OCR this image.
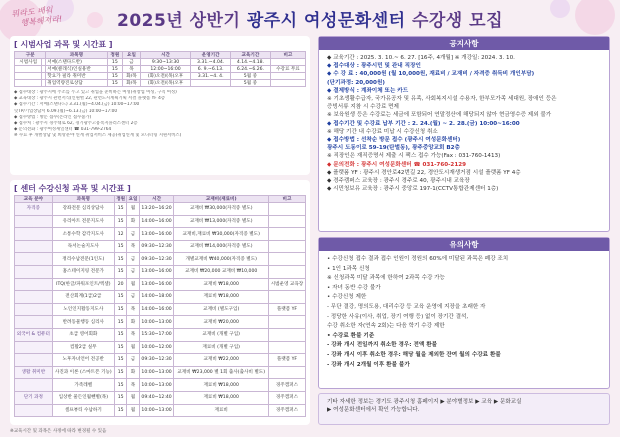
뭐라도 배워
행복해져라!	2025년 상반기 광주시 여성문화센터 수강생 모집
[ 시범사업 과목 및 시간표 ]
구분		과목명	정원	요일	시간	운영기간	교육기간	비고
시범사업		서예(스탠다드반)	15	금	9:30~13:30	3.31.~4.04.	4.14.~4.18.	
		서예(클래식)인실용반	15	목	12:00~16:00	6. 9.~6.13.	6.24.~6.26.	수강료 무료
		핫요가 필라 취미반	15	화/목	(화)오전/(목)오후	3.31.~4. 4.	5월 중	
		취업역량진로상담	15	화/목	(화)오전/(목)오후		5월 중	
◆ 접수대상 : 광주시에 주소를 두고 있고 취업을 준비하는 여성(취창업 여성, 구직 여성)
◆ 교육대상 : 광주시 관련서식(인원별 22, 관련도시계획기획 서결 플랫폼 YF 4층
◆ 접수기간 : 서예(스탠다드) 3.31.(월)~4.04.(금) 10:00~17:00
핫TP/기업상담서 6.09.(월)~6.13.(금) 10:00~17:00
◆ 접수방법 : 방문 접수(온라인 접수불가)
◆ 접수처 : 광주시 경주대로 62, 경기광주고용복지플러스센터 2층
◆ 문의전화 : 광주여성새일센터 ☎ 031-799-2764
※ 수료 후 개별상담 및 희망분야 연계 취업서비스 제공(취업연계 및 모니터링 지원서비스)
[ 센터 수강신청 과목 및 시간표 ]
교육 분야	과목명	정원	요일	시간	교재비(재료비)	비고
자격증	강좌전문 심리상담사	15	월	13:20~16:20	교재비 ₩30,000(자격증 별도)	
	유리아트 전문지도사	15	화	14:00~16:00	교재비 ₩13,000(자격증 별도)	
	소통수학 감각지도사	12	금	13:00~16:00	교재비,재료비 ₩30,000(자격증 별도)	
	독서논술지도사	15	목	09:30~12:30	교재비 ₩14,000(자격증 별도)	
	정리수납전문(1인도)	15	금	09:30~12:30	개별교재비 ₩40,000(자격증 별도)	
	홈스테이지링 전문가	15	금	13:00~16:00	교재비 ₩20,000 교재비 ₩10,000	
	ITQ(한글/파워포인트/엑셀)	20	월	13:00~16:00	교재비 ₩18,000	시범운영 교육장
	전산회계(1급)2급	15	금	14:00~18:00	재료비 ₩18,000	
	노인인지활동지도사	15	목	14:00~16:00	교재비 (별도구입)	플랫폼 YF
	반려동물행동 심리사	15	화	10:00~13:00	교재비 ₩20,000	
외국어 & 컴퓨터	초급 영어회화	15	목	15:30~17:00	교재비 (개별 구입)	
	컴활2급 실무	15	월	10:00~12:00	재료비 (개별 구입)	
	노후자녀언어 전공반	15	금	09:30~12:30	교재비 ₩22,000	플랫폼 YF
생활 취미반	사진과 이론 (스마트폰 기능)	15	화	10:00~13:00	교재비 ₩23,000 별 1회 출사(출사비 별도)	
	가족레벨	15	목	10:00~13:00	재료비 ₩18,000	경주캠퍼스
단기 과정	입상반 물든인월뺀별(목)	15	월	09:40~12:40	재료비 ₩18,000	경주캠퍼스
	셀프뷰티 수납하기	15	월	10:00~13:00	재료비	경주캠퍼스
공지사항
◆ 교육기간 : 2025. 3. 10.~ 6. 27. [16주, 4개월] ※ 개강일: 2024. 3. 10.
◆ 접수대상 : 광주시민 및 관내 직장인
◆ 수 강 료 : 40,000원 (월 10,000원, 재료비 / 교재비 / 자격증 취득비 개인부담)
(단기과정: 20,000원)
◆ 결제방식 : 계좌이체 또는 카드
※ 기초생활수급자, 국가유공자 및 유족, 사회복지시설 수용자, 한부모가족 세대원, 장애인 등은
증빙서류 지참 시 수강료 면제
※ 보육원생 등은 수강료는 세금에 포함되어 연말정산에 해당되지 않아 현금영수증 제외 불가
◆ 접수기간 및 수강료 납부 기간 : 2. 24.(월) ~ 2. 28.(금) 10:00~16:00
※ 해당 기간 내 수강료 미납 시 수강신청 취소
◆ 접수방법 : 선착순 방문 접수 (광주시 여성문화센터)
광주시 도동이로 59-19(탄벌동), 광주중앙교회 B2층
※ 직장인은 재직증명서 제출 시 팩스 접수 가능(Fax : 031-760-1413)
◆ 문의전화 : 광주시 여성문화센터 ☎ 031-760-2129
◆ 플랫폼 YF : 광주시 경안로42번길 22, 경안도시재생거점 시설 플랫폼 YF 4층
◆ 경주캠퍼스 교육장 : 광주시 경주로 40, 광주시내 교육장
◆ 시민청보유 교육장 : 광주시 중앙로 197-1(CCTV통합관제센터 1층)
유의사항
• 수강신청 접수 결과 접수 인원이 정원의 60%에 미달된 과목은 폐강 조치
• 1인 1과목 신청
※ 신청과목 미달 과목에 한하여 2과목 수강 가능
• 자녀 동반 수강 불가
• 수강신청 제한
- 무단 결강, 명의도용, 대리수강 등 교육 운영에 지장을 초래한 자
- 정당한 사유(이사, 취업, 장기 여행 등) 없이 장기간 결석,
수강 취소한 자(연속 2회)는 다음 학기 수강 제한
• 수강료 환불 기준
- 강좌 개시 전일까지 취소한 경우: 전액 환불
- 강좌 개시 이후 취소한 경우: 해당 월을 제외한 잔여 월의 수강료 환불
- 강좌 개시 2개월 이후 환불 불가
기타 자세한 정보는 경기도 광주시청 홈페이지 ▶ 분야별정보 ▶ 교육 ▶ 문화교실
▶ 여성문화센터에서 확인 가능합니다.
※교육시간 및 과목은 사정에 따라 변경될 수 있음
